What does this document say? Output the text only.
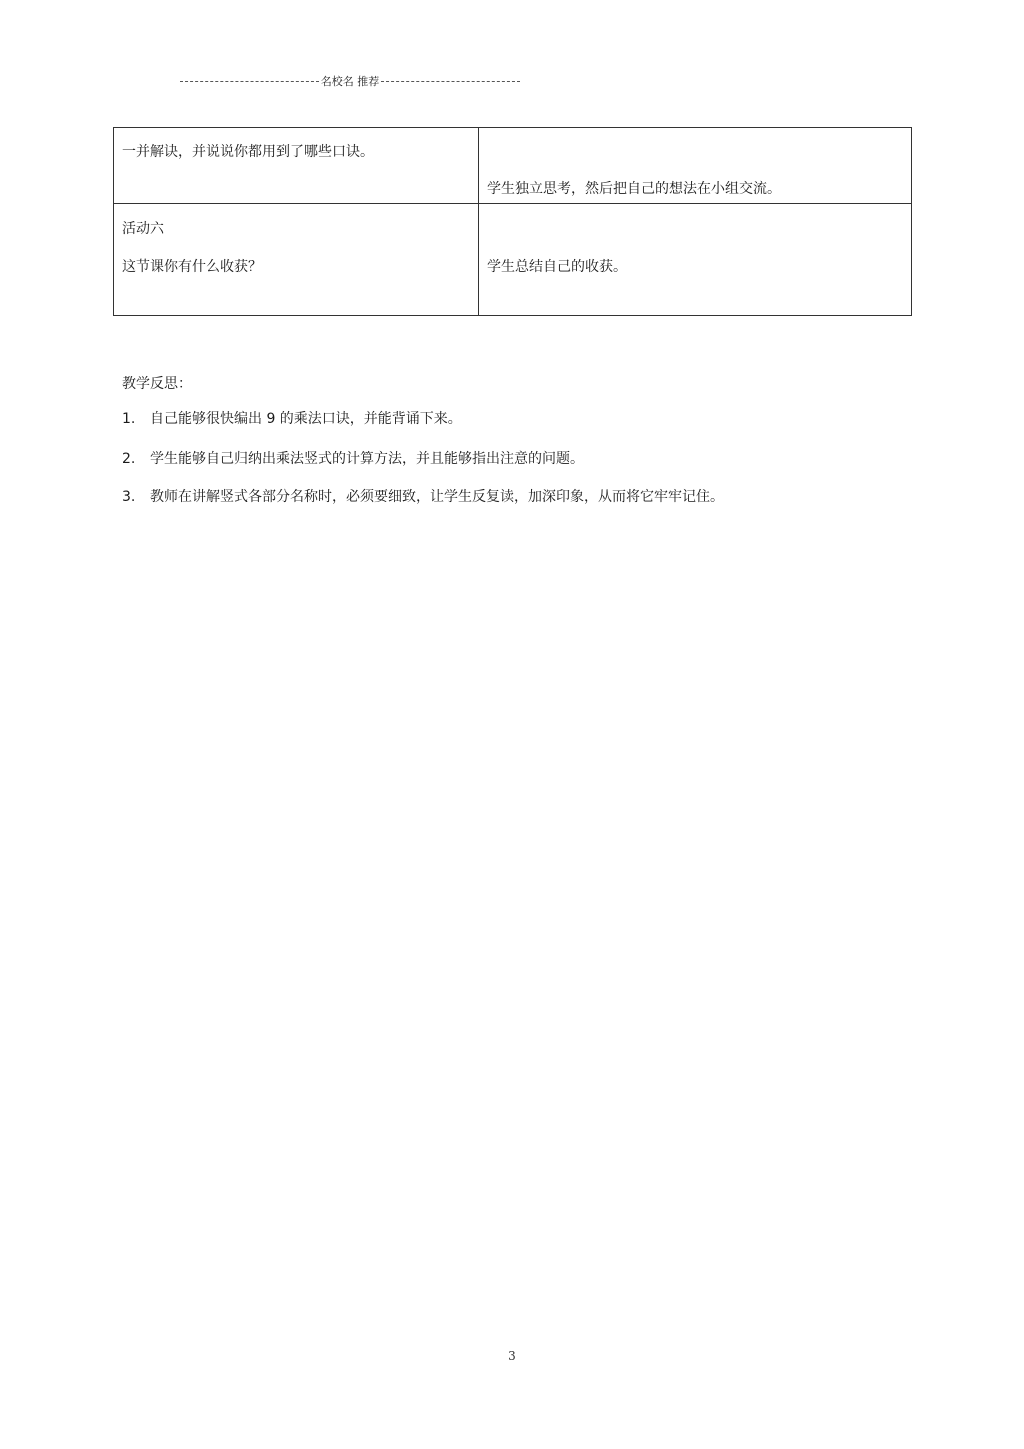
名校名 推荐
一并解诀，并说说你都用到了哪些口诀。	学生独立思考，然后把自己的想法在小组交流。

活动六
这节课你有什么收获？	学生总结自己的收获。
教学反思：
1. 自己能够很快编出 9 的乘法口诀，并能背诵下来。
2. 学生能够自己归纳出乘法竖式的计算方法，并且能够指出注意的问题。
3. 教师在讲解竖式各部分名称时，必须要细致，让学生反复读，加深印象，从而将它牢牢记住。
3
